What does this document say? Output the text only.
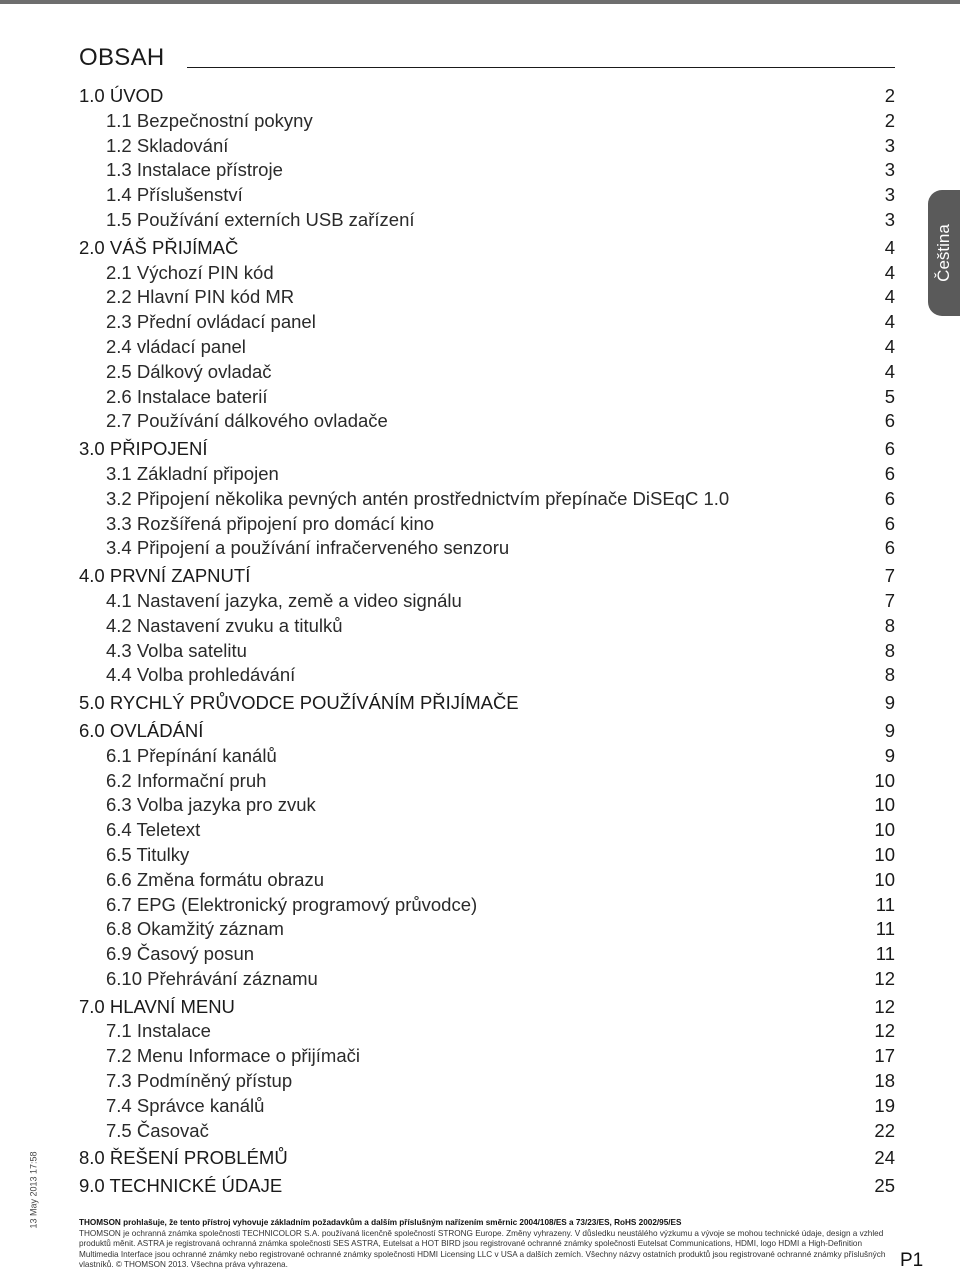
OBSAH
1.0 ÚVOD	2
1.1 Bezpečnostní pokyny	2
1.2 Skladování	3
1.3 Instalace přístroje	3
1.4 Příslušenství	3
1.5 Používání externích USB zařízení	3
2.0 VÁŠ PŘIJÍMAČ	4
2.1 Výchozí PIN kód	4
2.2 Hlavní PIN kód MR	4
2.3 Přední ovládací panel	4
2.4 vládací panel	4
2.5 Dálkový ovladač	4
2.6 Instalace baterií	5
2.7 Používání dálkového ovladače	6
3.0 PŘIPOJENÍ	6
3.1 Základní připojen	6
3.2 Připojení několika pevných antén prostřednictvím přepínače DiSEqC 1.0	6
3.3 Rozšířená připojení pro domácí kino	6
3.4 Připojení a používání infračerveného senzoru	6
4.0 PRVNÍ ZAPNUTÍ	7
4.1 Nastavení jazyka, země a video signálu	7
4.2 Nastavení zvuku a titulků	8
4.3 Volba satelitu	8
4.4 Volba prohledávání	8
5.0 RYCHLÝ PRŮVODCE POUŽÍVÁNÍM PŘIJÍMAČE	9
6.0 OVLÁDÁNÍ	9
6.1 Přepínání kanálů	9
6.2 Informační pruh	10
6.3 Volba jazyka pro zvuk	10
6.4 Teletext	10
6.5 Titulky	10
6.6 Změna formátu obrazu	10
6.7 EPG (Elektronický programový průvodce)	11
6.8 Okamžitý záznam	11
6.9 Časový posun	11
6.10 Přehrávání záznamu	12
7.0 HLAVNÍ MENU	12
7.1 Instalace	12
7.2 Menu Informace o přijímači	17
7.3 Podmíněný přístup	18
7.4 Správce kanálů	19
7.5 Časovač	22
8.0 ŘEŠENÍ PROBLÉMŮ	24
9.0 TECHNICKÉ ÚDAJE	25
Čeština
13 May 2013 17:58	THOMSON prohlašuje, že tento přístroj vyhovuje základním požadavkům a dalším příslušným nařízením směrnic 2004/108/ES a 73/23/ES, RoHS 2002/95/ES
THOMSON je ochranná známka společnosti TECHNICOLOR S.A. používaná licenčně společností STRONG Europe. Změny vyhrazeny. V důsledku neustálého výzkumu a vývoje se mohou technické údaje, design a vzhled produktů měnit. ASTRA je registrovaná ochranná známka společnosti SES ASTRA, Eutelsat a HOT BIRD jsou registrované ochranné známky společnosti Eutelsat Communications, HDMI, logo HDMI a High-Definition Multimedia Interface jsou ochranné známky nebo registrované ochranné známky společnosti HDMI Licensing LLC v USA a dalších zemích. Všechny názvy ostatních produktů jsou registrované ochranné známky příslušných vlastníků. © THOMSON 2013. Všechna práva vyhrazena.	P1
